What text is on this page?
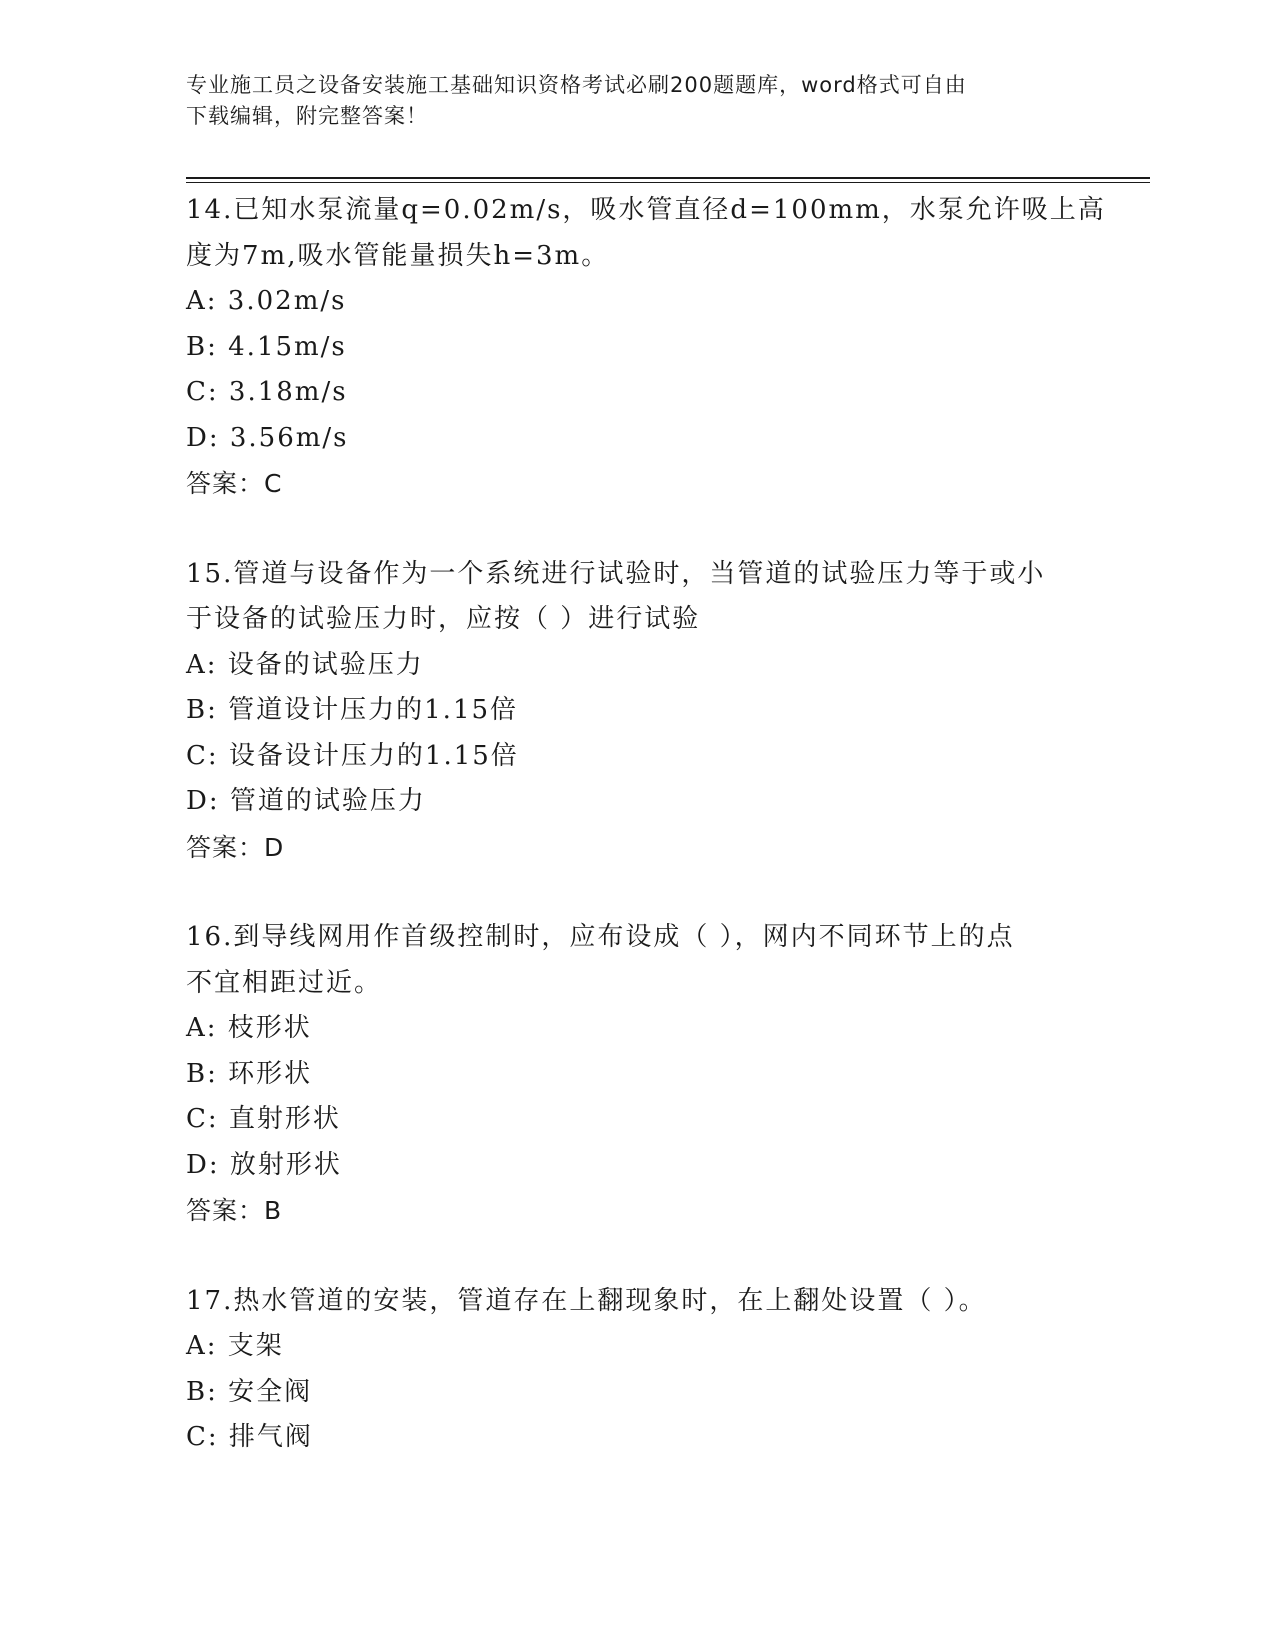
专业施工员之设备安装施工基础知识资格考试必刷200题题库，word格式可自由
下载编辑，附完整答案！

14.已知水泵流量q=0.02m/s，吸水管直径d=100mm，水泵允许吸上高

度为7m,吸水管能量损失h=3m。

A: 3.02m/s

B: 4.15m/s

C: 3.18m/s

D: 3.56m/s

答案：C

15.管道与设备作为一个系统进行试验时，当管道的试验压力等于或小

于设备的试验压力时，应按（ ）进行试验

A: 设备的试验压力

B: 管道设计压力的1.15倍

C: 设备设计压力的1.15倍

D: 管道的试验压力

答案：D

16.到导线网用作首级控制时，应布设成（ ），网内不同环节上的点

不宜相距过近。

A: 枝形状

B: 环形状

C: 直射形状

D: 放射形状

答案：B

17.热水管道的安装，管道存在上翻现象时，在上翻处设置（ ）。

A: 支架

B: 安全阀

C: 排气阀
